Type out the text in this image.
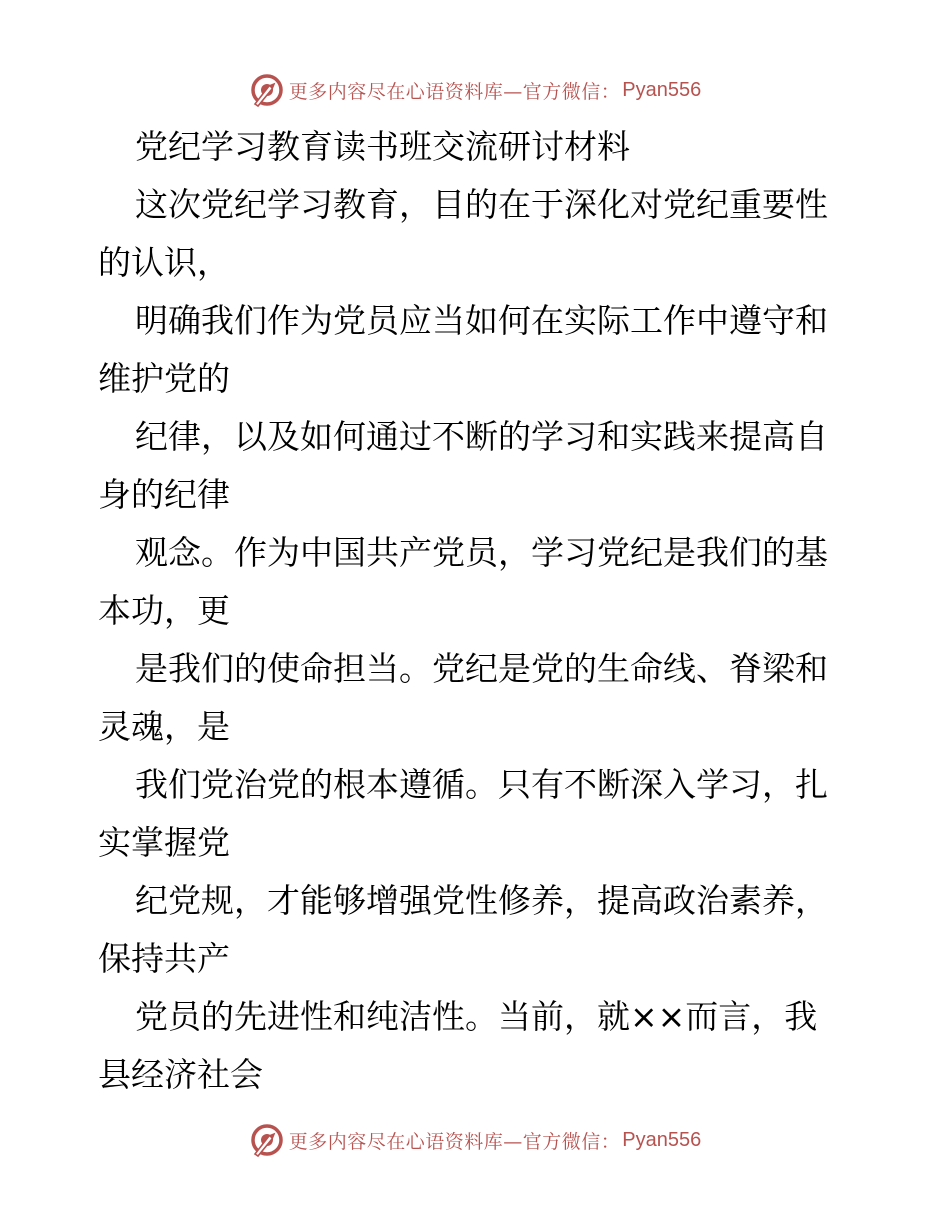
更多内容尽在心语资料库—官方微信： Pyan556
党纪学习教育读书班交流研讨材料
这次党纪学习教育，目的在于深化对党纪重要性
的认识，
明确我们作为党员应当如何在实际工作中遵守和
维护党的
纪律，以及如何通过不断的学习和实践来提高自
身的纪律
观念。作为中国共产党员，学习党纪是我们的基
本功，更
是我们的使命担当。党纪是党的生命线、脊梁和
灵魂，是
我们党治党的根本遵循。只有不断深入学习，扎
实掌握党
纪党规，才能够增强党性修养，提高政治素养，
保持共产
党员的先进性和纯洁性。当前，就××而言，我
县经济社会
更多内容尽在心语资料库—官方微信： Pyan556
